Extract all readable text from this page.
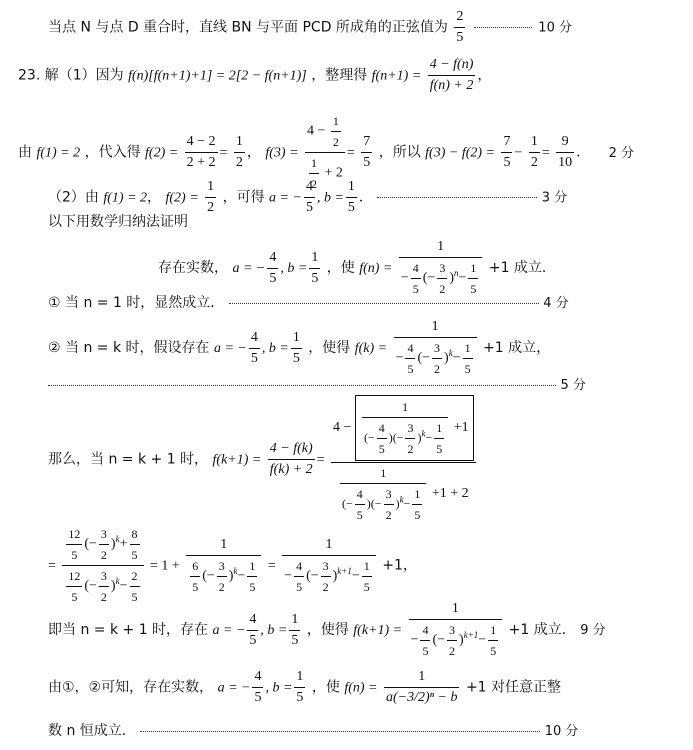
当点 N 与点 D 重合时，直线 BN 与平面 PCD 所成角的正弦值为 $\frac{2}{5}$	10 分
23. 解（1）因为 f(n)[f(n+1)+1] = 2[2 − f(n+1)] ，整理得 $f(n+1) = \frac{4 - f(n)}{f(n) + 2}$ ，
由 f(1) = 2 ，代入得 $f(2) = \frac{4 - 2}{2 + 2} = \frac{1}{2}$ ， $f(3) = \frac{4 - \frac{1}{2}}{\frac{1}{2} + 2} = \frac{7}{5}$ ，所以 $f(3) - f(2) = \frac{7}{5} - \frac{1}{2} = \frac{9}{10}$ ． 2 分
（2）由 f(1) = 2， $f(2) = \frac{1}{2}$ ，可得 a = − $\frac{4}{5}$ , $b = \frac{1}{5}$ ．	3 分
以下用数学归纳法证明
存在实数， a = − $\frac{4}{5}$ , $b = \frac{1}{5}$ ，使 $f(n) = \frac{1}{- \frac{4}{5} (- \frac{3}{2} )^n- \frac{1}{5}} +1$ 成立．
① 当 n = 1 时，显然成立．	4 分
② 当 n = k 时，假设存在 a = − $\frac{4}{5}$ , $b = \frac{1}{5}$ ，使得 $f(k) = \frac{1}{- \frac{4}{5} (- \frac{3}{2} )^k- \frac{1}{5}} +1$ 成立，
5 分
那么，当 n = k + 1 时， $f(k+1) = \frac{4 - f(k)}{f(k) + 2}$ =
$4 - \frac{1}{(- \frac{4}{5} )(- \frac{3}{2} )^k- \frac{1}{5}} +1$
$\frac{1}{(- \frac{4}{5} )(- \frac{3}{2} )^k- \frac{1}{5}} +1 + 2$
= $\frac{\frac{12}{5} (- \frac{3}{2} )^k+ \frac{8}{5}}{\frac{12}{5} (- \frac{3}{2} )^k- \frac{2}{5}} = 1 + \frac{1}{\frac{6}{5} (- \frac{3}{2} )^k- \frac{1}{5}} = \frac{1}{- \frac{4}{5} (- \frac{3}{2} )^{k+1}- \frac{1}{5}} +1$，
即当 n = k + 1 时，存在 a = − $\frac{4}{5}$ , $b = \frac{1}{5}$ ，使得 $f(k+1) = \frac{1}{- \frac{4}{5} (- \frac{3}{2} )^{k+1}- \frac{1}{5}} +1$ 成立． 9 分
由①，②可知，存在实数， a = − $\frac{4}{5}$ , $b = \frac{1}{5}$ ，使 $f(n) = \frac{1}{\text{a(−3/2)ⁿ − b}} +1$ 对任意正整
数 n 恒成立．	10 分
